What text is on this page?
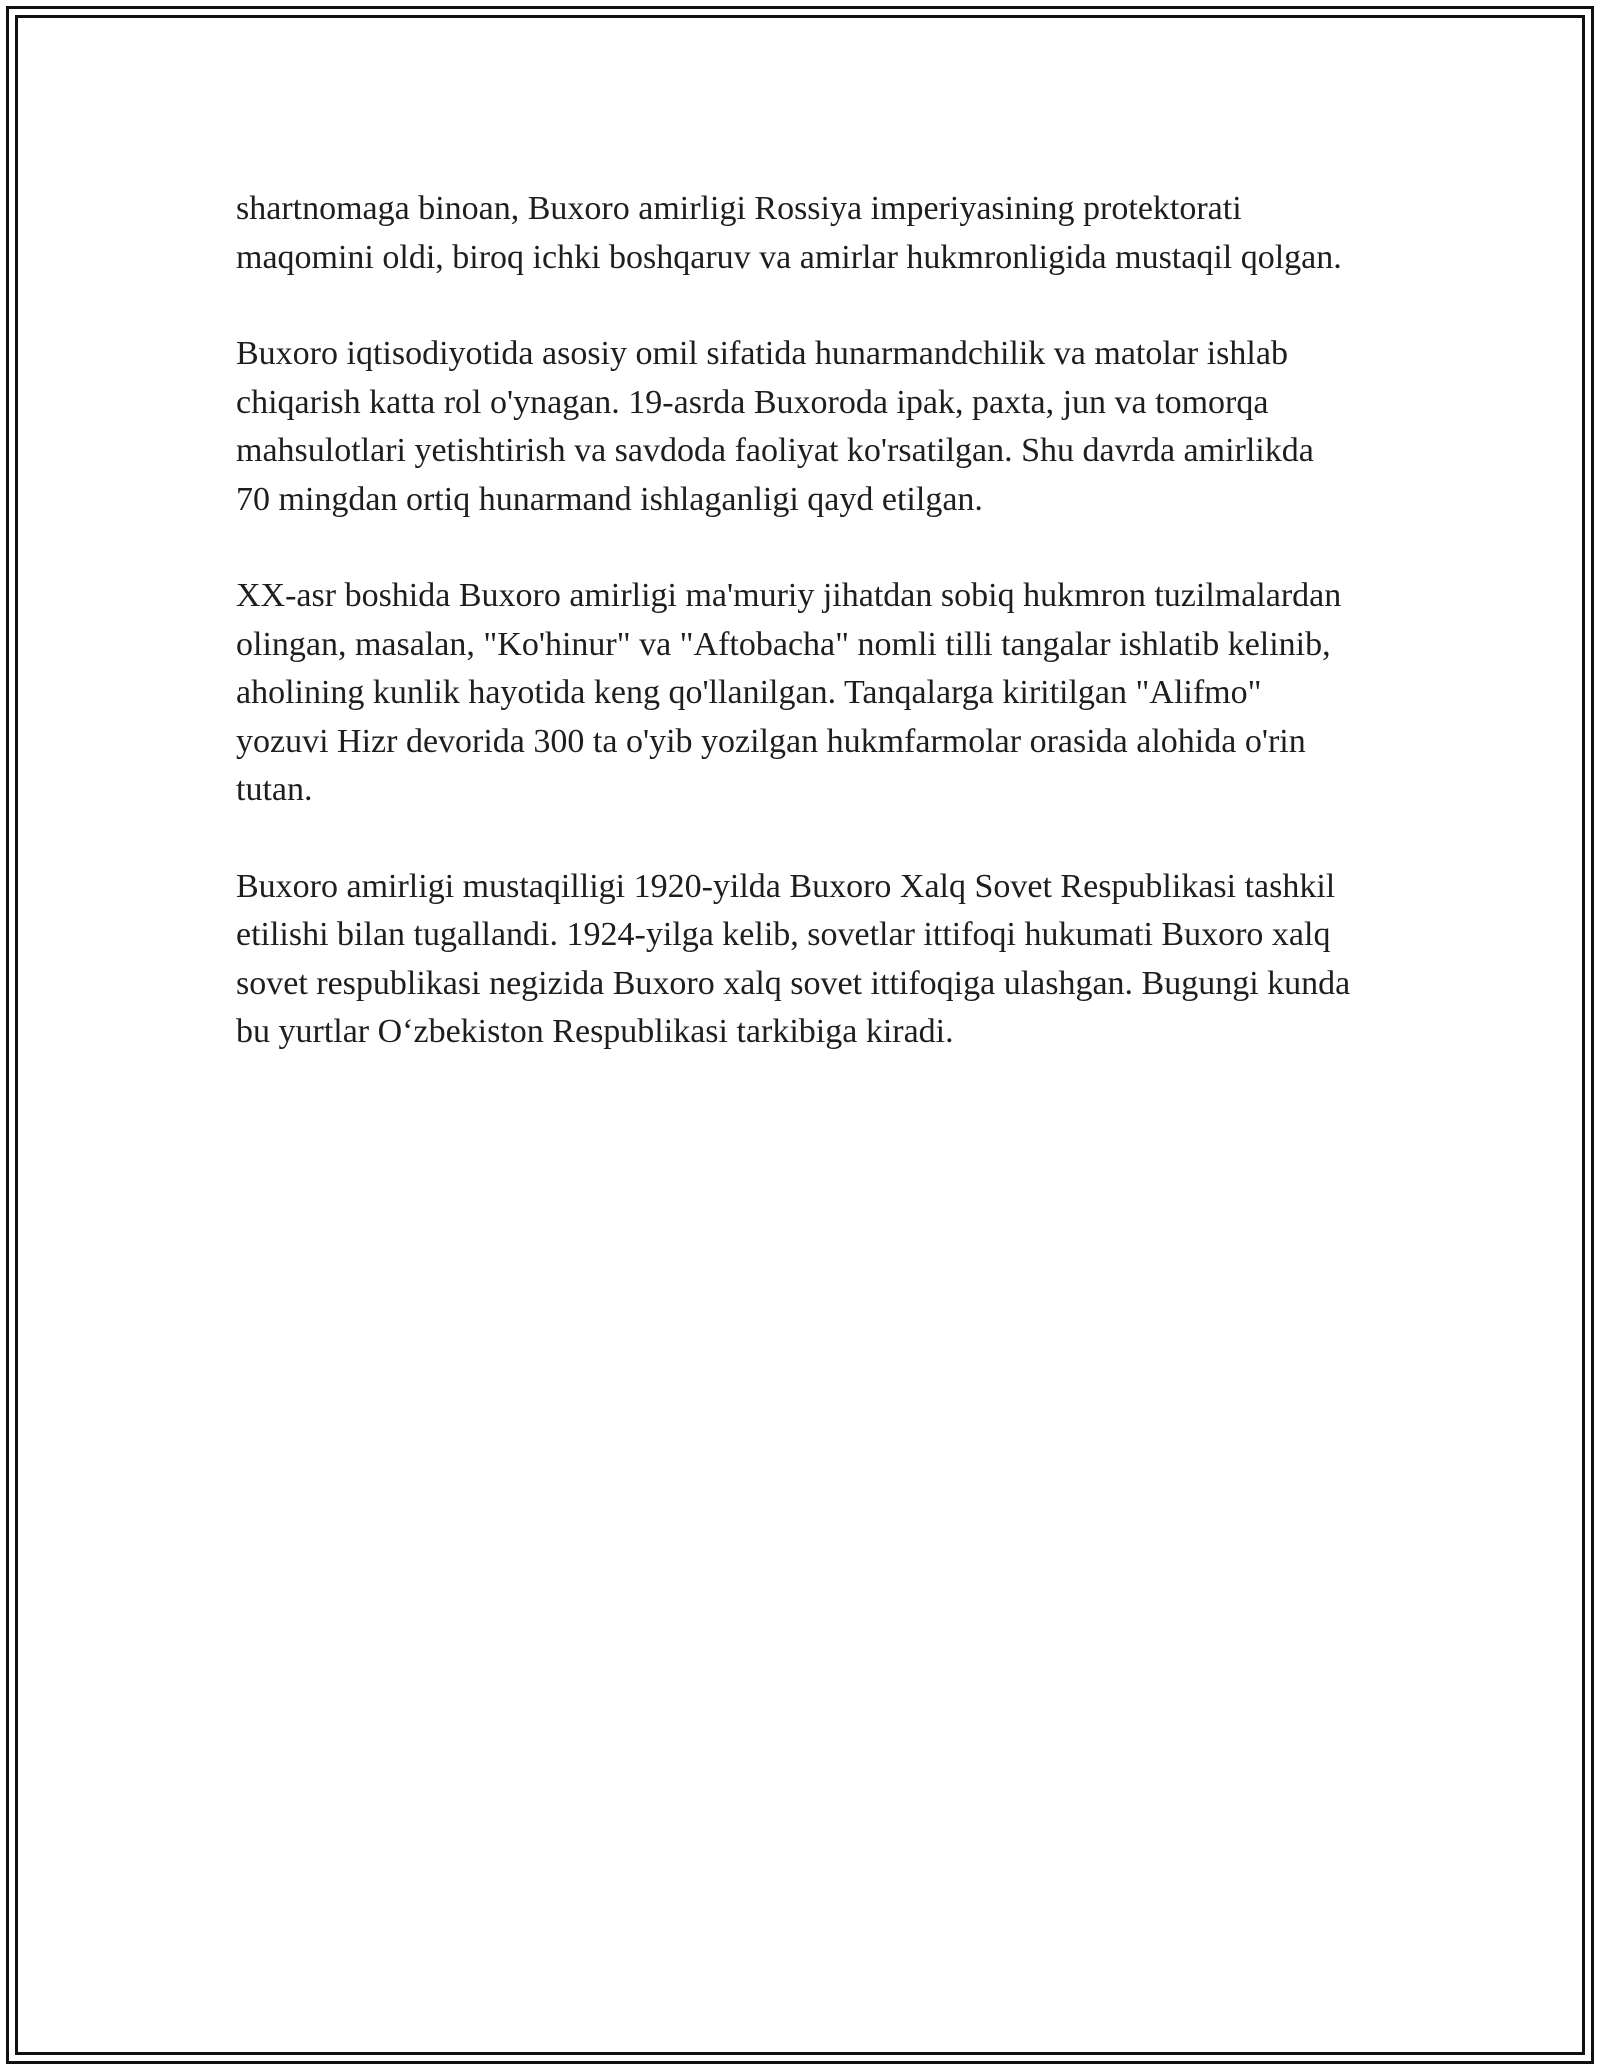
shartnomaga binoan, Buxoro amirligi Rossiya imperiyasining protektorati maqomini oldi, biroq ichki boshqaruv va amirlar hukmronligida mustaqil qolgan.

Buxoro iqtisodiyotida asosiy omil sifatida hunarmandchilik va matolar ishlab chiqarish katta rol o'ynagan. 19-asrda Buxoroda ipak, paxta, jun va tomorqa mahsulotlari yetishtirish va savdoda faoliyat ko'rsatilgan. Shu davrda amirlikda 70 mingdan ortiq hunarmand ishlaganligi qayd etilgan.

XX-asr boshida Buxoro amirligi ma'muriy jihatdan sobiq hukmron tuzilmalardan olingan, masalan, "Ko'hinur" va "Aftobacha" nomli tilli tangalar ishlatib kelinib, aholining kunlik hayotida keng qo'llanilgan. Tanqalarga kiritilgan "Alifmo" yozuvi Hizr devorida 300 ta o'yib yozilgan hukmfarmolar orasida alohida o'rin tutan.

Buxoro amirligi mustaqilligi 1920-yilda Buxoro Xalq Sovet Respublikasi tashkil etilishi bilan tugallandi. 1924-yilga kelib, sovetlar ittifoqi hukumati Buxoro xalq sovet respublikasi negizida Buxoro xalq sovet ittifoqiga ulashgan. Bugungi kunda bu yurtlar O‘zbekiston Respublikasi tarkibiga kiradi.
